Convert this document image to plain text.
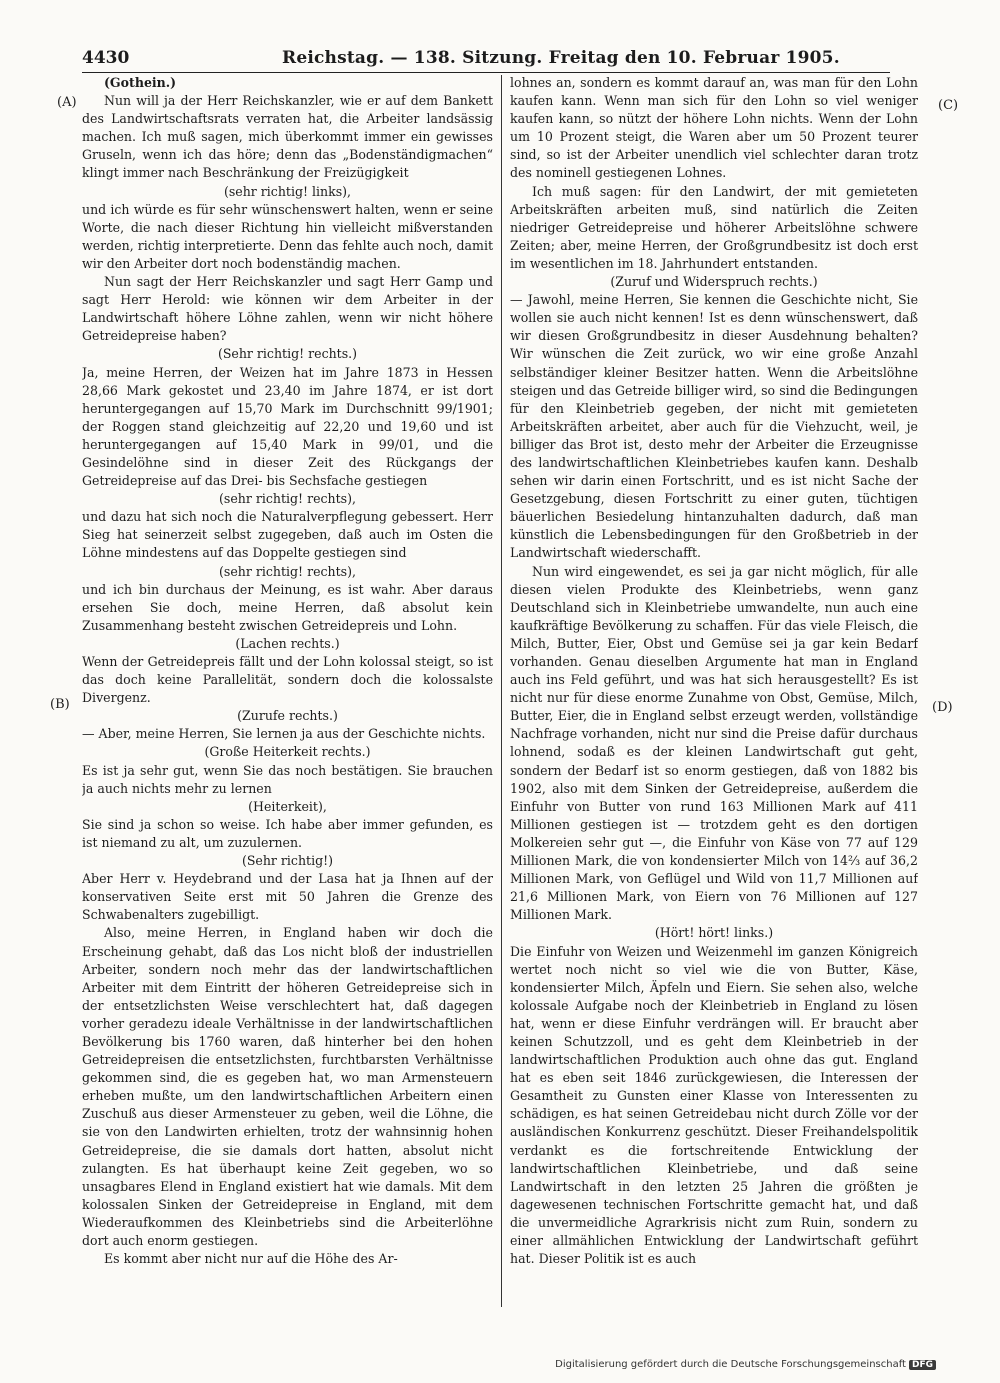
4430	Reichstag. — 138. Sitzung. Freitag den 10. Februar 1905.
(A)
(B)
(C)
(D)

(Gothein.)

Nun will ja der Herr Reichskanzler, wie er auf dem Bankett des Landwirtschaftsrats verraten hat, die Arbeiter landsässig machen. Ich muß sagen, mich überkommt immer ein gewisses Gruseln, wenn ich das höre; denn das „Bodenständigmachen“ klingt immer nach Beschränkung der Freizügigkeit

(sehr richtig! links),

und ich würde es für sehr wünschenswert halten, wenn er seine Worte, die nach dieser Richtung hin vielleicht mißverstanden werden, richtig interpretierte. Denn das fehlte auch noch, damit wir den Arbeiter dort noch bodenständig machen.

Nun sagt der Herr Reichskanzler und sagt Herr Gamp und sagt Herr Herold: wie können wir dem Arbeiter in der Landwirtschaft höhere Löhne zahlen, wenn wir nicht höhere Getreidepreise haben?

(Sehr richtig! rechts.)

Ja, meine Herren, der Weizen hat im Jahre 1873 in Hessen 28,66 Mark gekostet und 23,40 im Jahre 1874, er ist dort heruntergegangen auf 15,70 Mark im Durchschnitt 99/1901; der Roggen stand gleichzeitig auf 22,20 und 19,60 und ist heruntergegangen auf 15,40 Mark in 99/01, und die Gesindelöhne sind in dieser Zeit des Rückgangs der Getreidepreise auf das Drei- bis Sechsfache gestiegen

(sehr richtig! rechts),

und dazu hat sich noch die Naturalverpflegung gebessert. Herr Sieg hat seinerzeit selbst zugegeben, daß auch im Osten die Löhne mindestens auf das Doppelte gestiegen sind

(sehr richtig! rechts),

und ich bin durchaus der Meinung, es ist wahr. Aber daraus ersehen Sie doch, meine Herren, daß absolut kein Zusammenhang besteht zwischen Getreidepreis und Lohn.

(Lachen rechts.)

Wenn der Getreidepreis fällt und der Lohn kolossal steigt, so ist das doch keine Parallelität, sondern doch die kolossalste Divergenz.

(Zurufe rechts.)

— Aber, meine Herren, Sie lernen ja aus der Geschichte nichts.

(Große Heiterkeit rechts.)

Es ist ja sehr gut, wenn Sie das noch bestätigen. Sie brauchen ja auch nichts mehr zu lernen

(Heiterkeit),

Sie sind ja schon so weise. Ich habe aber immer gefunden, es ist niemand zu alt, um zuzulernen.

(Sehr richtig!)

Aber Herr v. Heydebrand und der Lasa hat ja Ihnen auf der konservativen Seite erst mit 50 Jahren die Grenze des Schwabenalters zugebilligt.

Also, meine Herren, in England haben wir doch die Erscheinung gehabt, daß das Los nicht bloß der industriellen Arbeiter, sondern noch mehr das der landwirtschaftlichen Arbeiter mit dem Eintritt der höheren Getreidepreise sich in der entsetzlichsten Weise verschlechtert hat, daß dagegen vorher geradezu ideale Verhältnisse in der landwirtschaftlichen Bevölkerung bis 1760 waren, daß hinterher bei den hohen Getreidepreisen die entsetzlichsten, furchtbarsten Verhältnisse gekommen sind, die es gegeben hat, wo man Armensteuern erheben mußte, um den landwirtschaftlichen Arbeitern einen Zuschuß aus dieser Armensteuer zu geben, weil die Löhne, die sie von den Landwirten erhielten, trotz der wahnsinnig hohen Getreidepreise, die sie damals dort hatten, absolut nicht zulangten. Es hat überhaupt keine Zeit gegeben, wo so unsagbares Elend in England existiert hat wie damals. Mit dem kolossalen Sinken der Getreidepreise in England, mit dem Wiederaufkommen des Kleinbetriebs sind die Arbeiterlöhne dort auch enorm gestiegen.

Es kommt aber nicht nur auf die Höhe des Ar-

lohnes an, sondern es kommt darauf an, was man für den Lohn kaufen kann. Wenn man sich für den Lohn so viel weniger kaufen kann, so nützt der höhere Lohn nichts. Wenn der Lohn um 10 Prozent steigt, die Waren aber um 50 Prozent teurer sind, so ist der Arbeiter unendlich viel schlechter daran trotz des nominell gestiegenen Lohnes.

Ich muß sagen: für den Landwirt, der mit gemieteten Arbeitskräften arbeiten muß, sind natürlich die Zeiten niedriger Getreidepreise und höherer Arbeitslöhne schwere Zeiten; aber, meine Herren, der Großgrundbesitz ist doch erst im wesentlichen im 18. Jahrhundert entstanden.

(Zuruf und Widerspruch rechts.)

— Jawohl, meine Herren, Sie kennen die Geschichte nicht, Sie wollen sie auch nicht kennen! Ist es denn wünschenswert, daß wir diesen Großgrundbesitz in dieser Ausdehnung behalten? Wir wünschen die Zeit zurück, wo wir eine große Anzahl selbständiger kleiner Besitzer hatten. Wenn die Arbeitslöhne steigen und das Getreide billiger wird, so sind die Bedingungen für den Kleinbetrieb gegeben, der nicht mit gemieteten Arbeitskräften arbeitet, aber auch für die Viehzucht, weil, je billiger das Brot ist, desto mehr der Arbeiter die Erzeugnisse des landwirtschaftlichen Kleinbetriebes kaufen kann. Deshalb sehen wir darin einen Fortschritt, und es ist nicht Sache der Gesetzgebung, diesen Fortschritt zu einer guten, tüchtigen bäuerlichen Besiedelung hintanzuhalten dadurch, daß man künstlich die Lebensbedingungen für den Großbetrieb in der Landwirtschaft wiederschafft.

Nun wird eingewendet, es sei ja gar nicht möglich, für alle diesen vielen Produkte des Kleinbetriebs, wenn ganz Deutschland sich in Kleinbetriebe umwandelte, nun auch eine kaufkräftige Bevölkerung zu schaffen. Für das viele Fleisch, die Milch, Butter, Eier, Obst und Gemüse sei ja gar kein Bedarf vorhanden. Genau dieselben Argumente hat man in England auch ins Feld geführt, und was hat sich herausgestellt? Es ist nicht nur für diese enorme Zunahme von Obst, Gemüse, Milch, Butter, Eier, die in England selbst erzeugt werden, vollständige Nachfrage vorhanden, nicht nur sind die Preise dafür durchaus lohnend, sodaß es der kleinen Landwirtschaft gut geht, sondern der Bedarf ist so enorm gestiegen, daß von 1882 bis 1902, also mit dem Sinken der Getreidepreise, außerdem die Einfuhr von Butter von rund 163 Millionen Mark auf 411 Millionen gestiegen ist — trotzdem geht es den dortigen Molkereien sehr gut —, die Einfuhr von Käse von 77 auf 129 Millionen Mark, die von kondensierter Milch von 14⅔ auf 36,2 Millionen Mark, von Geflügel und Wild von 11,7 Millionen auf 21,6 Millionen Mark, von Eiern von 76 Millionen auf 127 Millionen Mark.

(Hört! hört! links.)

Die Einfuhr von Weizen und Weizenmehl im ganzen Königreich wertet noch nicht so viel wie die von Butter, Käse, kondensierter Milch, Äpfeln und Eiern. Sie sehen also, welche kolossale Aufgabe noch der Kleinbetrieb in England zu lösen hat, wenn er diese Einfuhr verdrängen will. Er braucht aber keinen Schutzzoll, und es geht dem Kleinbetrieb in der landwirtschaftlichen Produktion auch ohne das gut. England hat es eben seit 1846 zurückgewiesen, die Interessen der Gesamtheit zu Gunsten einer Klasse von Interessenten zu schädigen, es hat seinen Getreidebau nicht durch Zölle vor der ausländischen Konkurrenz geschützt. Dieser Freihandelspolitik verdankt es die fortschreitende Entwicklung der landwirtschaftlichen Kleinbetriebe, und daß seine Landwirtschaft in den letzten 25 Jahren die größten je dagewesenen technischen Fortschritte gemacht hat, und daß die unvermeidliche Agrarkrisis nicht zum Ruin, sondern zu einer allmählichen Entwicklung der Landwirtschaft geführt hat. Dieser Politik ist es auch

Digitalisierung gefördert durch die Deutsche Forschungsgemeinschaft DFG
